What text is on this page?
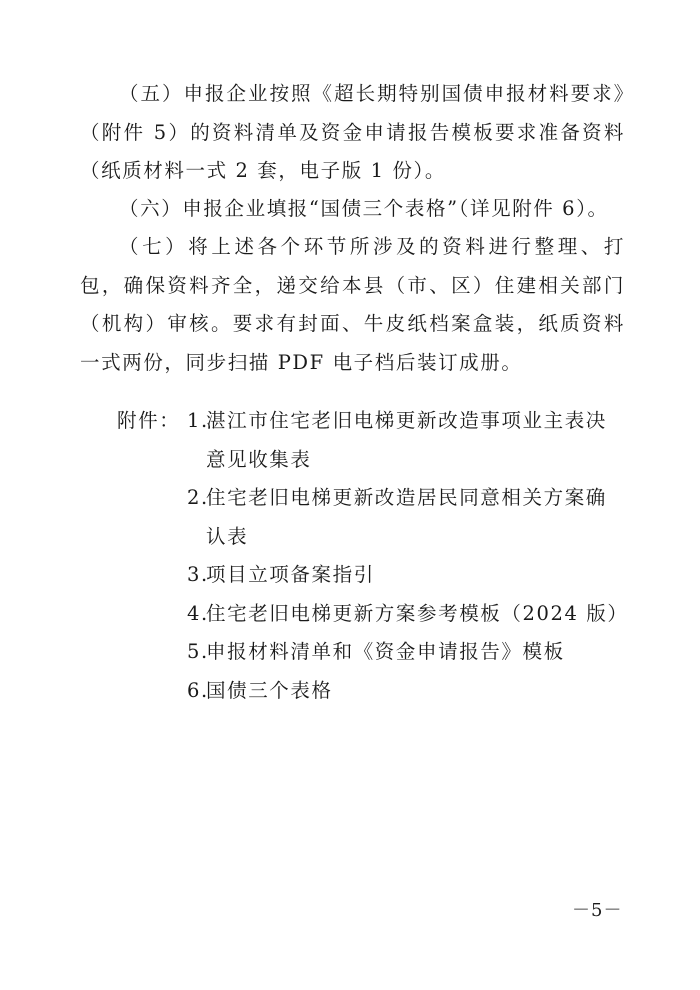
（五）申报企业按照《超长期特别国债申报材料要求》（附件 5）的资料清单及资金申请报告模板要求准备资料（纸质材料一式 2 套，电子版 1 份）。

（六）申报企业填报“国债三个表格”（详见附件 6）。

（七）将上述各个环节所涉及的资料进行整理、打包，确保资料齐全，递交给本县（市、区）住建相关部门（机构）审核。要求有封面、牛皮纸档案盒装，纸质资料一式两份，同步扫描 PDF 电子档后装订成册。

附件： 1.
湛江市住宅老旧电梯更新改造事项业主表决意见收集表
2.
住宅老旧电梯更新改造居民同意相关方案确认表
3.
项目立项备案指引
4.
住宅老旧电梯更新方案参考模板（2024 版）
5.
申报材料清单和《资金申请报告》模板
6.
国债三个表格
－5－
